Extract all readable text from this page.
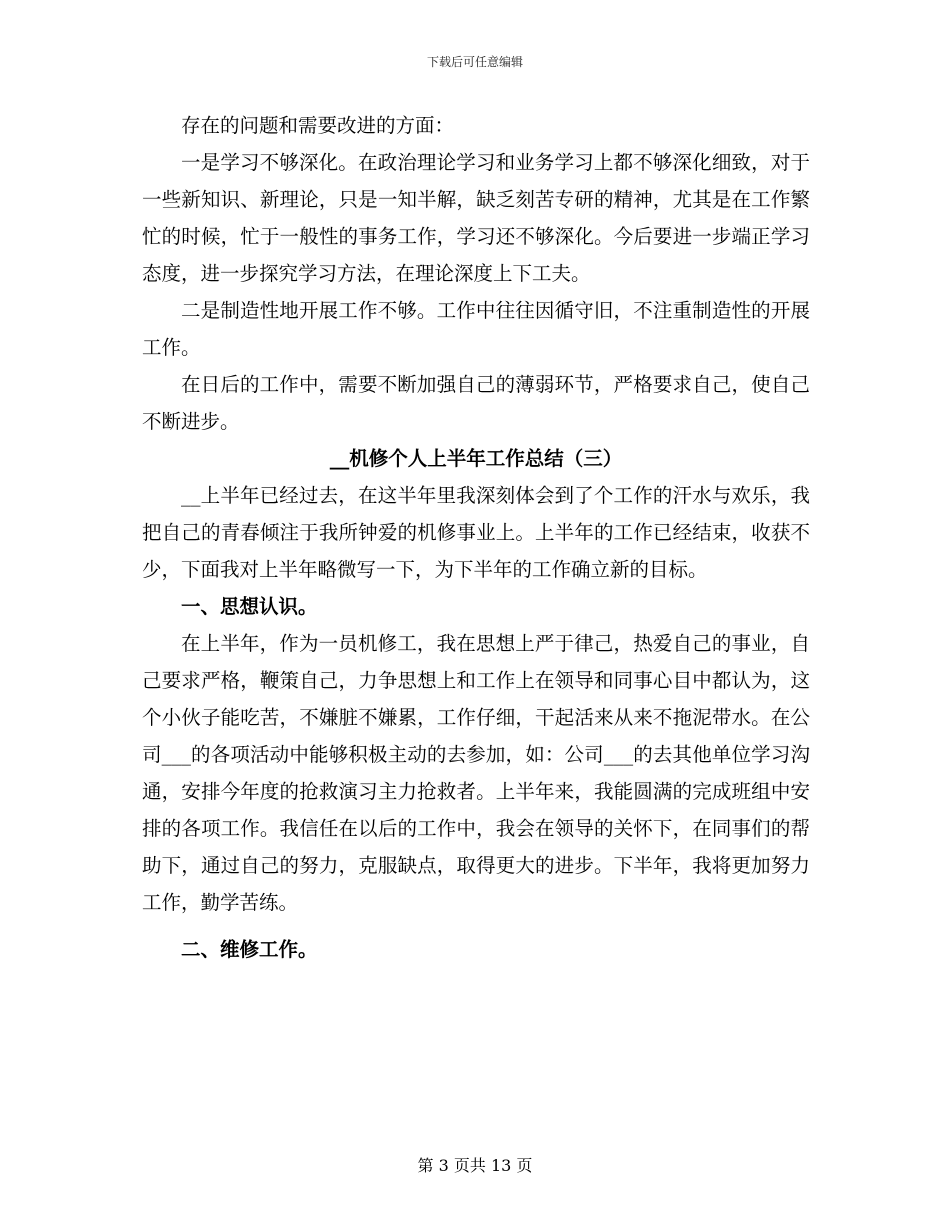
下载后可任意编辑

存在的问题和需要改进的方面：

一是学习不够深化。在政治理论学习和业务学习上都不够深化细致，对于一些新知识、新理论，只是一知半解，缺乏刻苦专研的精神，尤其是在工作繁忙的时候，忙于一般性的事务工作，学习还不够深化。今后要进一步端正学习态度，进一步探究学习方法，在理论深度上下工夫。

二是制造性地开展工作不够。工作中往往因循守旧，不注重制造性的开展工作。

在日后的工作中，需要不断加强自己的薄弱环节，严格要求自己，使自己不断进步。

__机修个人上半年工作总结（三）

__上半年已经过去，在这半年里我深刻体会到了个工作的汗水与欢乐，我把自己的青春倾注于我所钟爱的机修事业上。上半年的工作已经结束，收获不少，下面我对上半年略微写一下，为下半年的工作确立新的目标。

一、思想认识。

在上半年，作为一员机修工，我在思想上严于律己，热爱自己的事业，自己要求严格，鞭策自己，力争思想上和工作上在领导和同事心目中都认为，这个小伙子能吃苦，不嫌脏不嫌累，工作仔细，干起活来从来不拖泥带水。在公司___的各项活动中能够积极主动的去参加，如：公司___的去其他单位学习沟通，安排今年度的抢救演习主力抢救者。上半年来，我能圆满的完成班组中安排的各项工作。我信任在以后的工作中，我会在领导的关怀下，在同事们的帮助下，通过自己的努力，克服缺点，取得更大的进步。下半年，我将更加努力工作，勤学苦练。

二、维修工作。

第 3 页共 13 页
